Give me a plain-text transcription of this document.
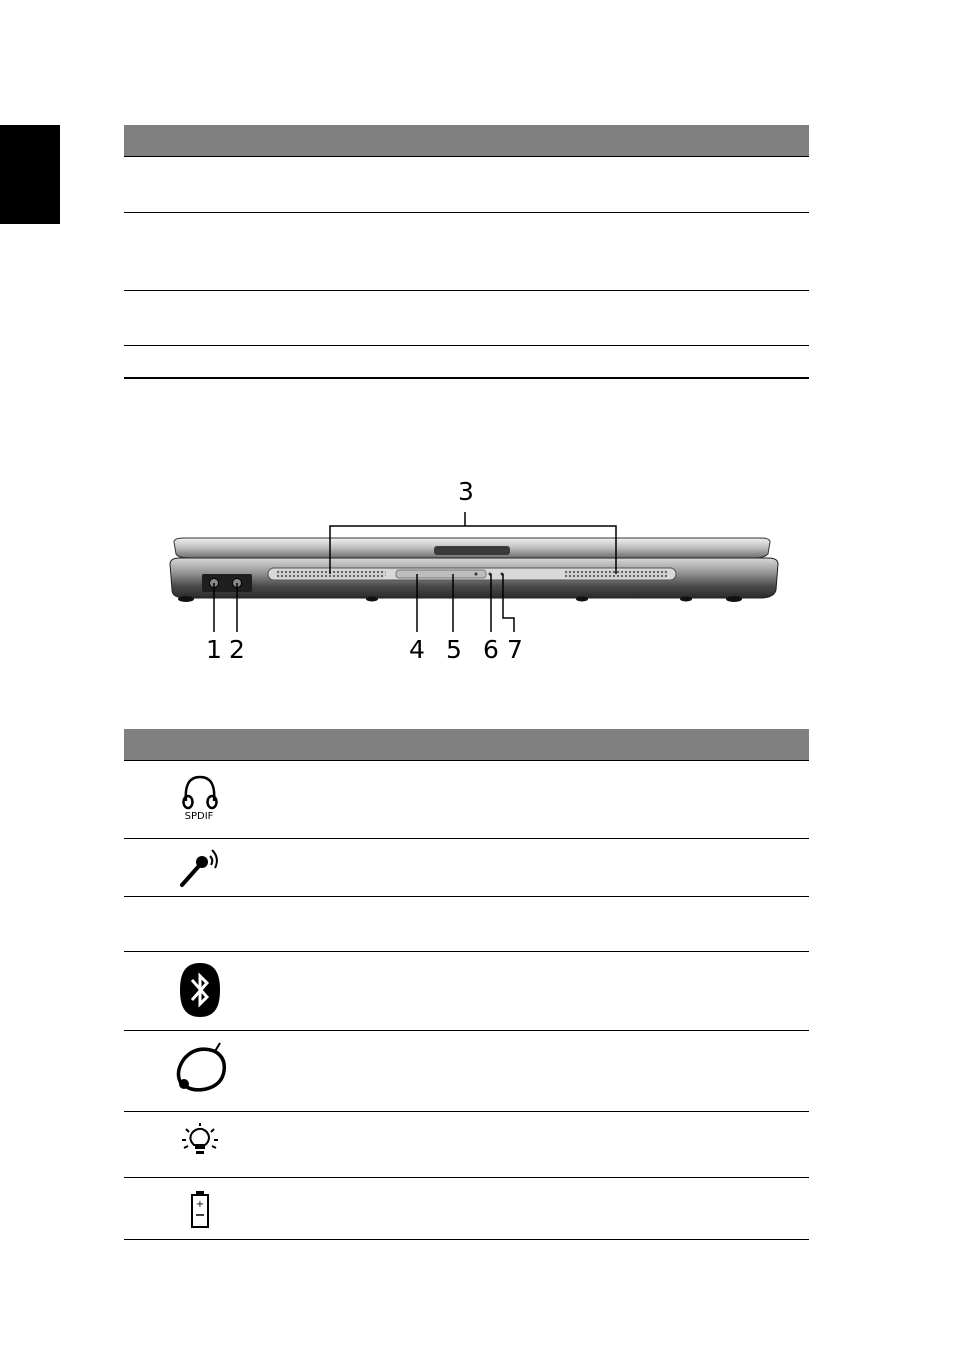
3
1 2	4 5 6 7
SPDIF
+
